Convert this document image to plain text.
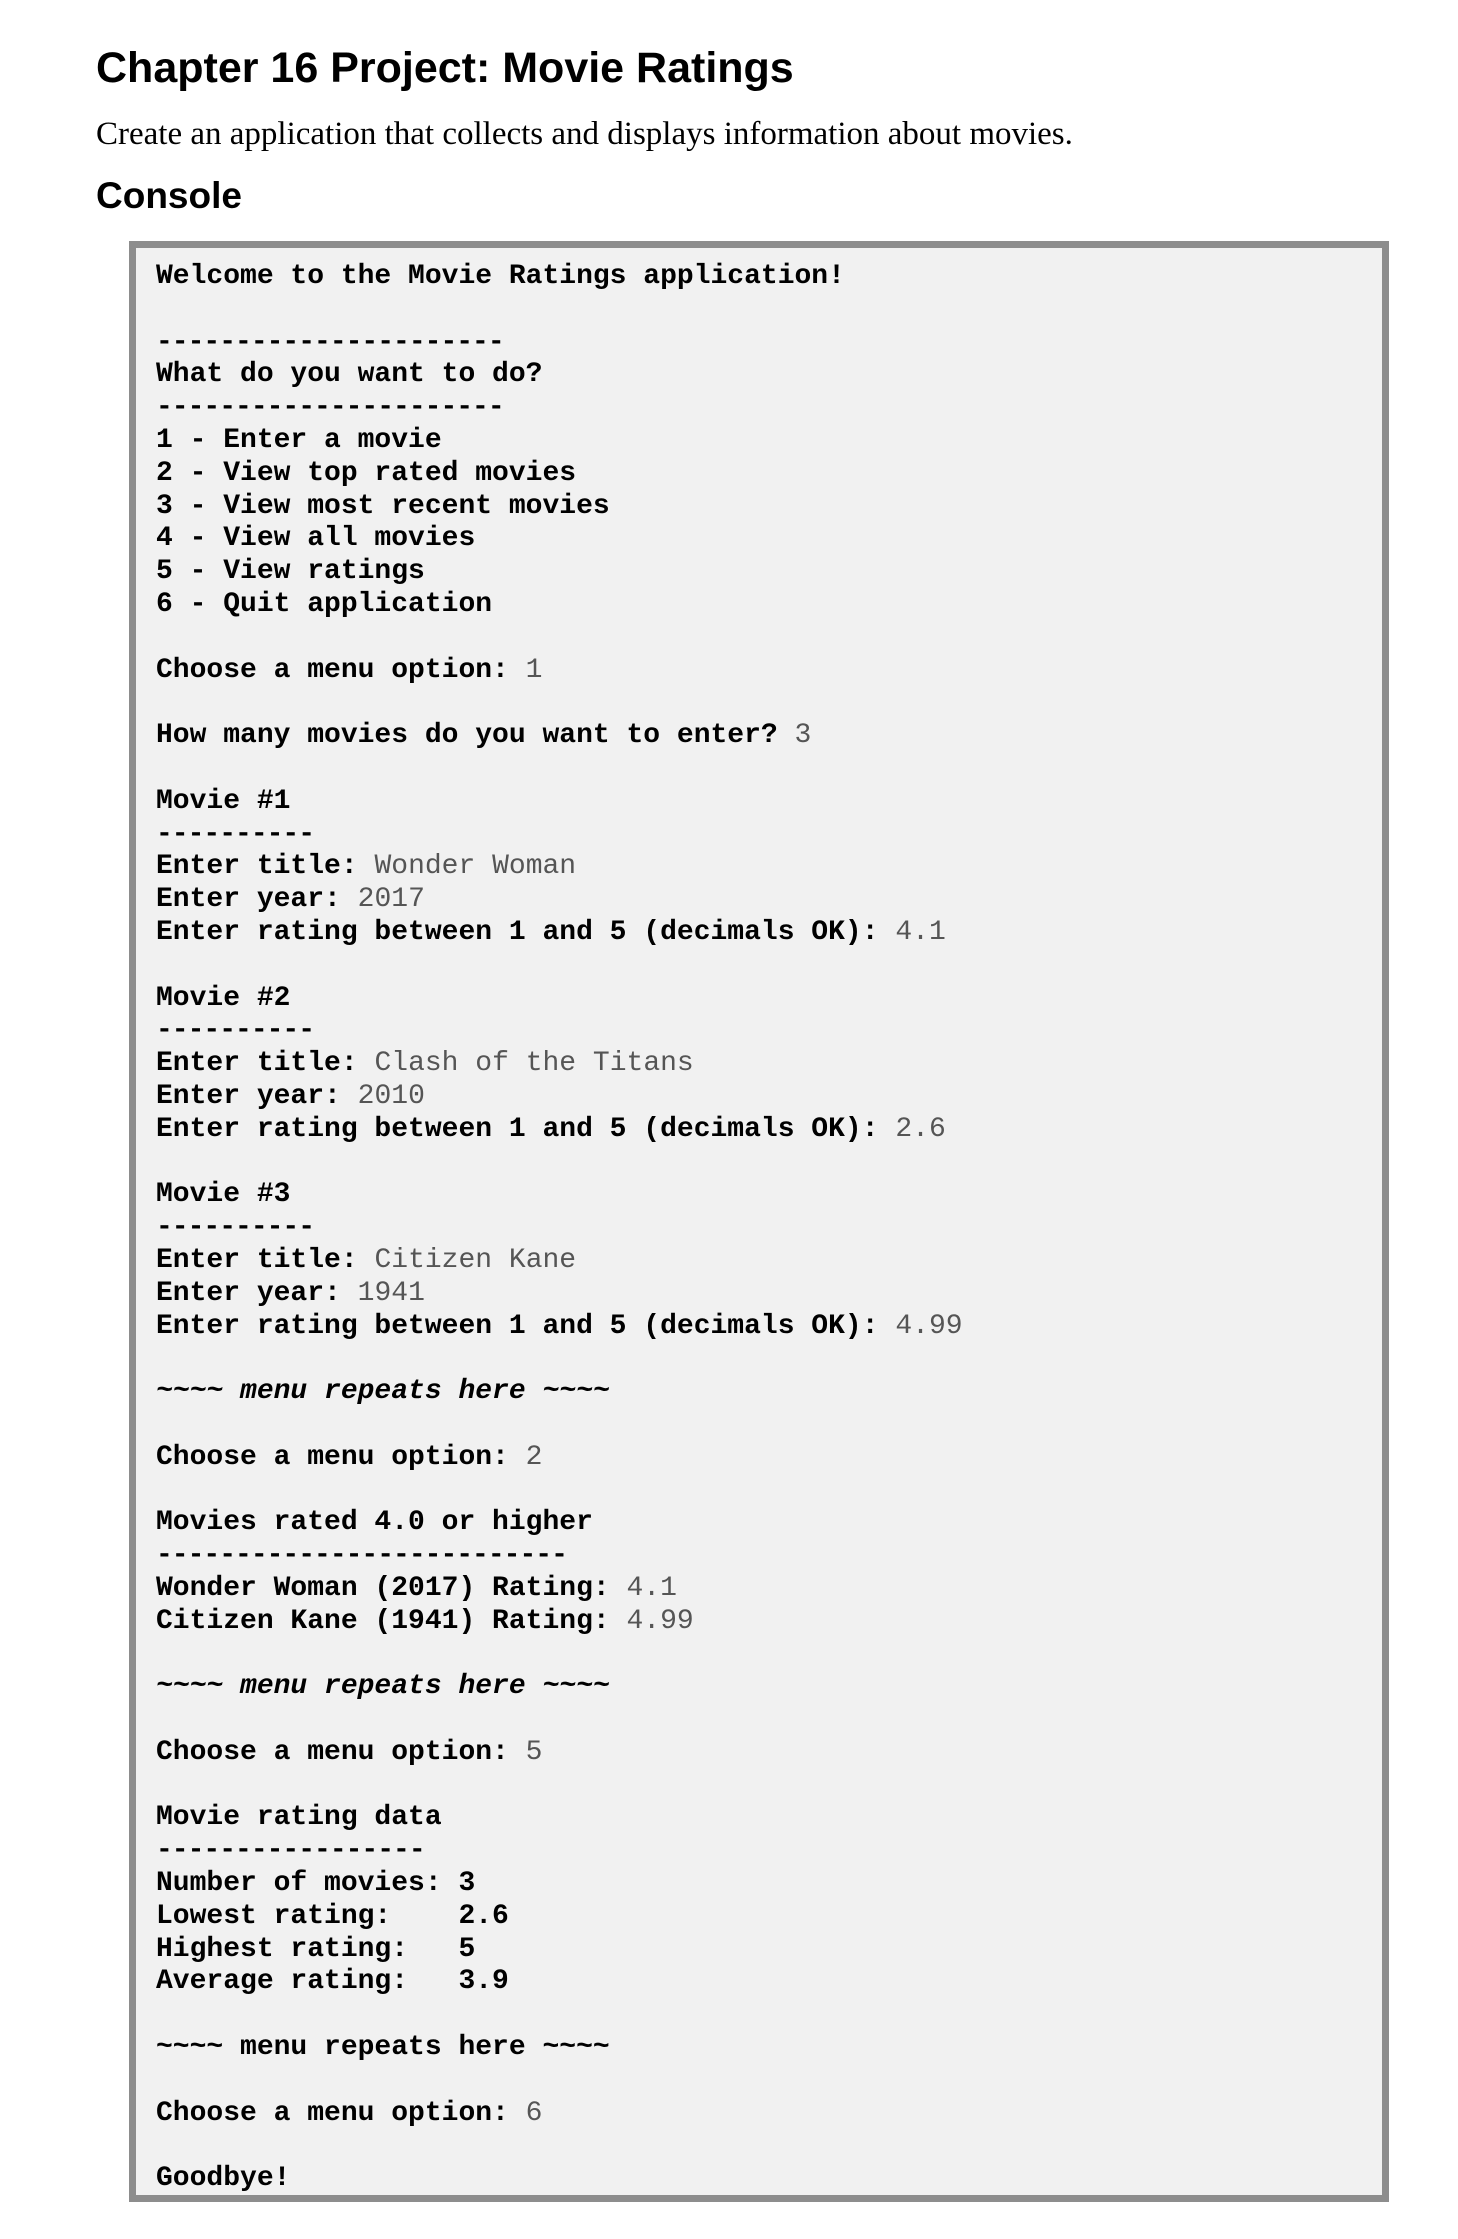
Chapter 16 Project: Movie Ratings

Create an application that collects and displays information about movies.

Console
Welcome to the Movie Ratings application!
----------------------
What do you want to do?
----------------------
1 - Enter a movie
2 - View top rated movies
3 - View most recent movies
4 - View all movies
5 - View ratings
6 - Quit application
Choose a menu option: 1
How many movies do you want to enter? 3
Movie #1
----------
Enter title: Wonder Woman
Enter year: 2017
Enter rating between 1 and 5 (decimals OK): 4.1
Movie #2
----------
Enter title: Clash of the Titans
Enter year: 2010
Enter rating between 1 and 5 (decimals OK): 2.6
Movie #3
----------
Enter title: Citizen Kane
Enter year: 1941
Enter rating between 1 and 5 (decimals OK): 4.99
~~~~ menu repeats here ~~~~
Choose a menu option: 2
Movies rated 4.0 or higher
--------------------------
Wonder Woman (2017) Rating: 4.1
Citizen Kane (1941) Rating: 4.99
~~~~ menu repeats here ~~~~
Choose a menu option: 5
Movie rating data
-----------------
Number of movies: 3
Lowest rating:    2.6
Highest rating:   5
Average rating:   3.9
~~~~ menu repeats here ~~~~
Choose a menu option: 6
Goodbye!
